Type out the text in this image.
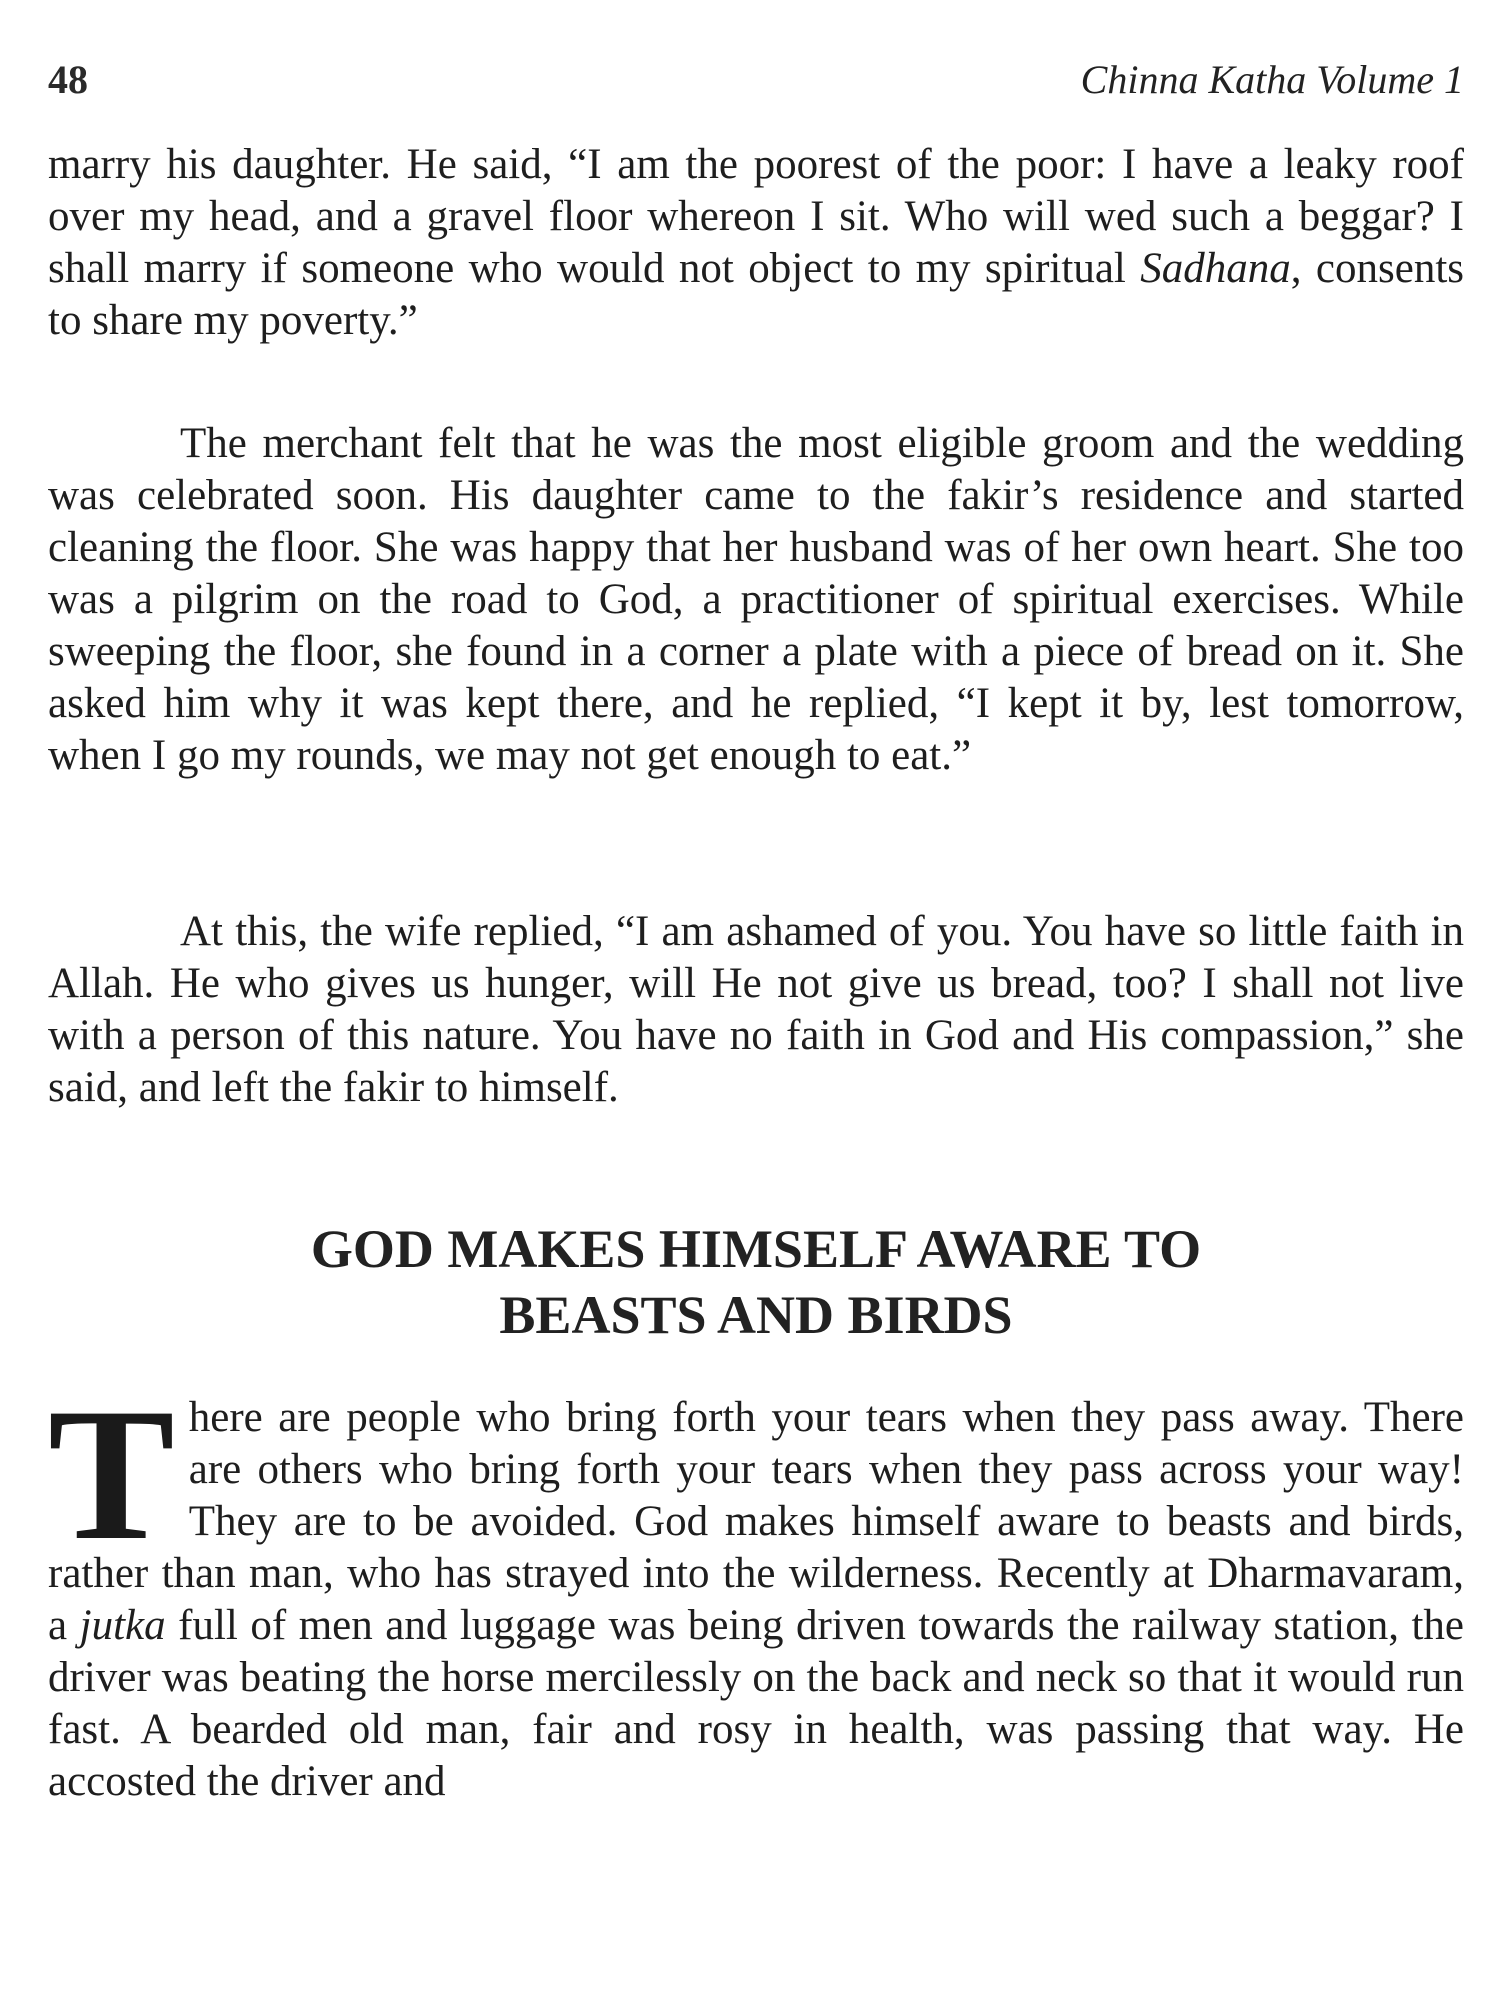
48	Chinna Katha Volume 1

marry his daughter. He said, “I am the poorest of the poor: I have a leaky roof over my head, and a gravel floor whereon I sit. Who will wed such a beggar? I shall marry if someone who would not object to my spiritual Sadhana, consents to share my poverty.”

The merchant felt that he was the most eligible groom and the wedding was celebrated soon. His daughter came to the fakir’s residence and started cleaning the floor. She was happy that her husband was of her own heart. She too was a pilgrim on the road to God, a practitioner of spiritual exercises. While sweeping the floor, she found in a corner a plate with a piece of bread on it. She asked him why it was kept there, and he replied, “I kept it by, lest tomorrow, when I go my rounds, we may not get enough to eat.”

At this, the wife replied, “I am ashamed of you. You have so little faith in Allah. He who gives us hunger, will He not give us bread, too? I shall not live with a person of this nature. You have no faith in God and His compassion,” she said, and left the fakir to himself.

GOD MAKES HIMSELF AWARE TO
BEASTS AND BIRDS

There are people who bring forth your tears when they pass away. There are others who bring forth your tears when they pass across your way! They are to be avoided. God makes himself aware to beasts and birds, rather than man, who has strayed into the wilderness. Recently at Dharmavaram, a jutka full of men and luggage was being driven towards the railway station, the driver was beating the horse mercilessly on the back and neck so that it would run fast. A bearded old man, fair and rosy in health, was passing that way. He accosted the driver and
